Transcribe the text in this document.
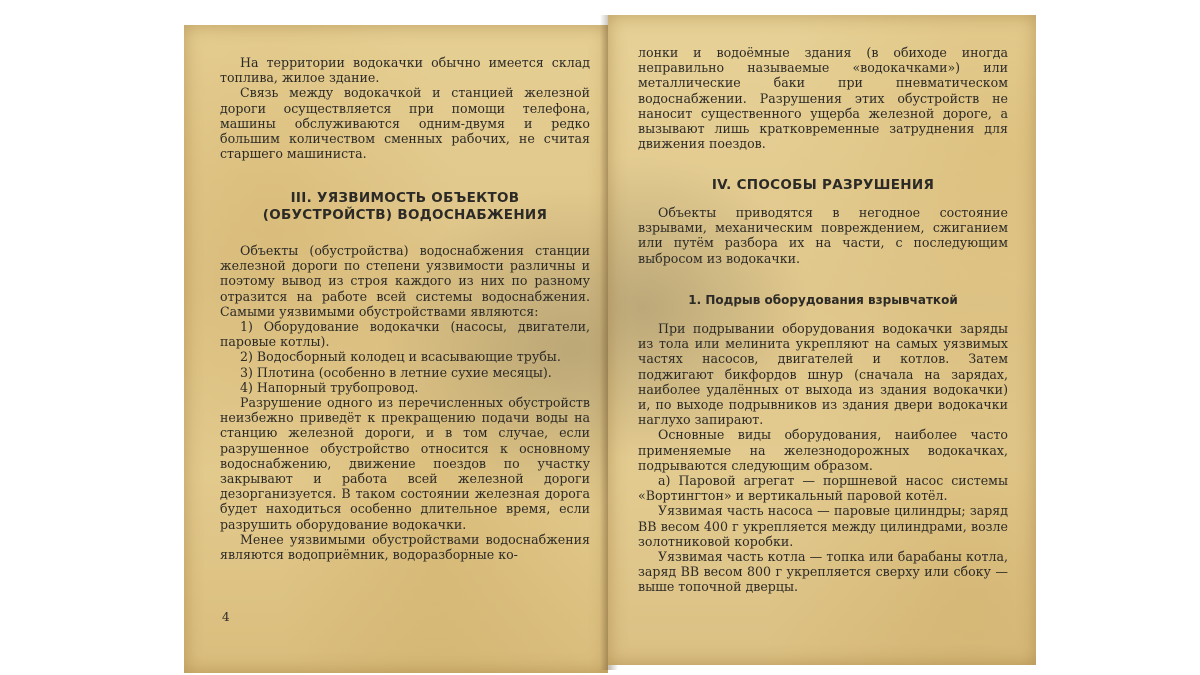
На территории водокачки обычно имеется склад топлива, жилое здание.

Связь между водокачкой и станцией железной дороги осуществляется при помощи телефона, машины обслуживаются одним-двумя и редко большим количеством сменных рабочих, не считая старшего машиниста.

III. УЯЗВИМОСТЬ ОБЪЕКТОВ
(ОБУСТРОЙСТВ) ВОДОСНАБЖЕНИЯ

Объекты (обустройства) водоснабжения станции железной дороги по степени уязвимости различны и поэтому вывод из строя каждого из них по разному отразится на работе всей системы водоснабжения. Самыми уязвимыми обустройствами являются:

1) Оборудование водокачки (насосы, двигатели, паровые котлы).

2) Водосборный колодец и всасывающие трубы.

3) Плотина (особенно в летние сухие месяцы).

4) Напорный трубопровод.

Разрушение одного из перечисленных обустройств неизбежно приведёт к прекращению подачи воды на станцию железной дороги, и в том случае, если разрушенное обустройство относится к основному водоснабжению, движение поездов по участку закрывают и работа всей железной дороги дезорганизуется. В таком состоянии железная дорога будет находиться особенно длительное время, если разрушить оборудование водокачки.

Менее уязвимыми обустройствами водоснабжения являются водоприёмник, водоразборные ко-

4

лонки и водоёмные здания (в обиходе иногда неправильно называемые «водокачками») или металлические баки при пневматическом водоснабжении. Разрушения этих обустройств не наносит существенного ущерба железной дороге, а вызывают лишь кратковременные затруднения для движения поездов.

IV. СПОСОБЫ РАЗРУШЕНИЯ

Объекты приводятся в негодное состояние взрывами, механическим повреждением, сжиганием или путём разбора их на части, с последующим выбросом из водокачки.

1. Подрыв оборудования взрывчаткой

При подрывании оборудования водокачки заряды из тола или мелинита укрепляют на самых уязвимых частях насосов, двигателей и котлов. Затем поджигают бикфордов шнур (сначала на зарядах, наиболее удалённых от выхода из здания водокачки) и, по выходе подрывников из здания двери водокачки наглухо запирают.

Основные виды оборудования, наиболее часто применяемые на железнодорожных водокачках, подрываются следующим образом.

а) Паровой агрегат — поршневой насос системы «Вортингтон» и вертикальный паровой котёл.

Уязвимая часть насоса — паровые цилиндры; заряд ВВ весом 400 г укрепляется между цилиндрами, возле золотниковой коробки.

Уязвимая часть котла — топка или барабаны котла, заряд ВВ весом 800 г укрепляется сверху или сбоку — выше топочной дверцы.
